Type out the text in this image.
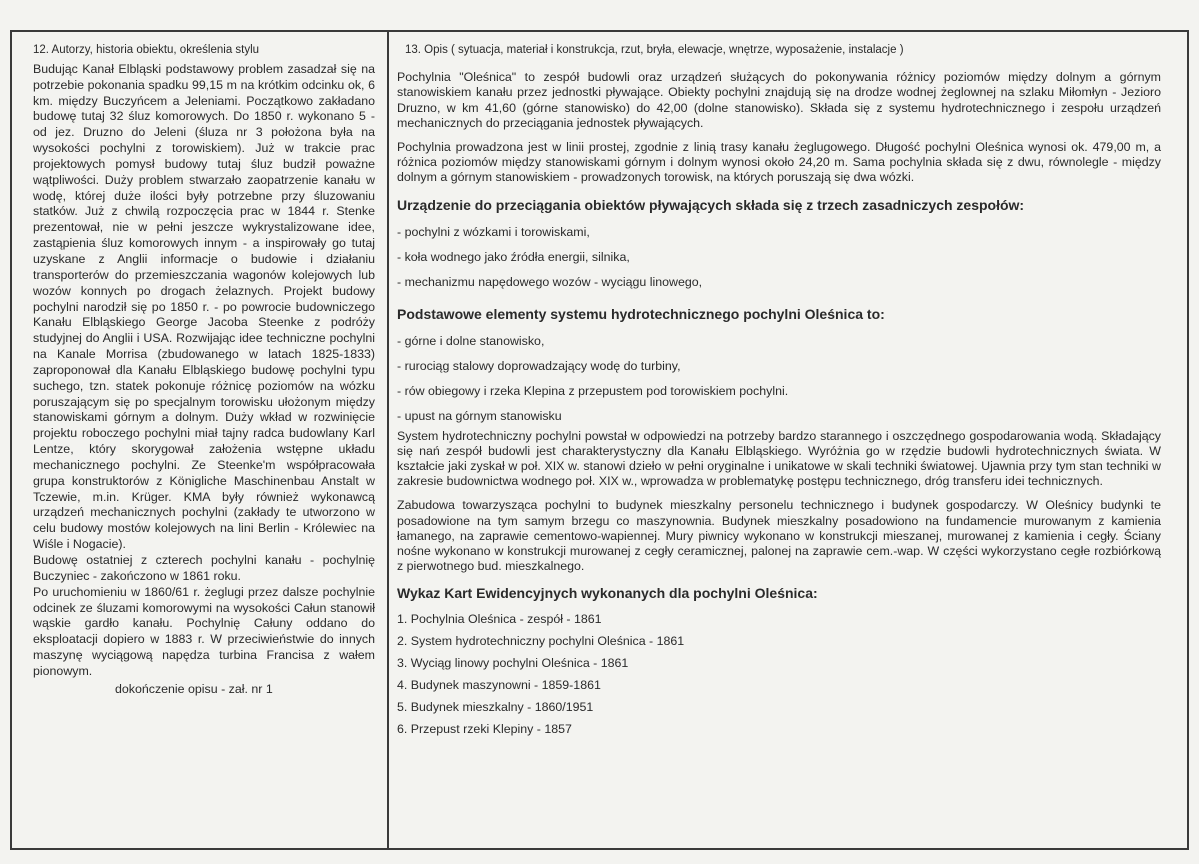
12. Autorzy, historia obiektu, określenia stylu

Budując Kanał Elbląski podstawowy problem zasadzał się na potrzebie pokonania spadku 99,15 m na krótkim odcinku ok, 6 km. między Buczyńcem a Jeleniami. Początkowo zakładano budowę tutaj 32 śluz komorowych. Do 1850 r. wykonano 5 - od jez. Druzno do Jeleni (śluza nr 3 położona była na wysokości pochylni z torowiskiem). Już w trakcie prac projektowych pomysł budowy tutaj śluz budził poważne wątpliwości. Duży problem stwarzało zaopatrzenie kanału w wodę, której duże ilości były potrzebne przy śluzowaniu statków. Już z chwilą rozpoczęcia prac w 1844 r. Stenke prezentował, nie w pełni jeszcze wykrystalizowane idee, zastąpienia śluz komorowych innym - a inspirowały go tutaj uzyskane z Anglii informacje o budowie i działaniu transporterów do przemieszczania wagonów kolejowych lub wozów konnych po drogach żelaznych. Projekt budowy pochylni narodził się po 1850 r. - po powrocie budowniczego Kanału Elbląskiego George Jacoba Steenke z podróży studyjnej do Anglii i USA. Rozwijając idee techniczne pochylni na Kanale Morrisa (zbudowanego w latach 1825-1833) zaproponował dla Kanału Elbląskiego budowę pochylni typu suchego, tzn. statek pokonuje różnicę poziomów na wózku poruszającym się po specjalnym torowisku ułożonym między stanowiskami górnym a dolnym. Duży wkład w rozwinięcie projektu roboczego pochylni miał tajny radca budowlany Karl Lentze, który skorygował założenia wstępne układu mechanicznego pochylni. Ze Steenke'm współpracowała grupa konstruktorów z Königliche Maschinenbau Anstalt w Tczewie, m.in. Krüger. KMA były również wykonawcą urządzeń mechanicznych pochylni (zakłady te utworzono w celu budowy mostów kolejowych na lini Berlin - Królewiec na Wiśle i Nogacie).

Budowę ostatniej z czterech pochylni kanału - pochylnię Buczyniec - zakończono w 1861 roku.

Po uruchomieniu w 1860/61 r. żeglugi przez dalsze pochylnie odcinek ze śluzami komorowymi na wysokości Całun stanowił wąskie gardło kanału. Pochylnię Całuny oddano do eksploatacji dopiero w 1883 r. W przeciwieństwie do innych maszynę wyciągową napędza turbina Francisa z wałem pionowym.

dokończenie opisu - zał. nr 1

13. Opis ( sytuacja, materiał i konstrukcja, rzut, bryła, elewacje, wnętrze, wyposażenie, instalacje )

Pochylnia "Oleśnica" to zespół budowli oraz urządzeń służących do pokonywania różnicy poziomów między dolnym a górnym stanowiskiem kanału przez jednostki pływające. Obiekty pochylni znajdują się na drodze wodnej żeglownej na szlaku Miłomłyn - Jezioro Druzno, w km 41,60 (górne stanowisko) do 42,00 (dolne stanowisko). Składa się z systemu hydrotechnicznego i zespołu urządzeń mechanicznych do przeciągania jednostek pływających.

Pochylnia prowadzona jest w linii prostej, zgodnie z linią trasy kanału żeglugowego. Długość pochylni Oleśnica wynosi ok. 479,00 m, a różnica poziomów między stanowiskami górnym i dolnym wynosi około 24,20 m. Sama pochylnia składa się z dwu, równolegle - między dolnym a górnym stanowiskiem - prowadzonych torowisk, na których poruszają się dwa wózki.

Urządzenie do przeciągania obiektów pływających składa się z trzech zasadniczych zespołów:
- pochylni z wózkami i torowiskami,
- koła wodnego jako źródła energii, silnika,
- mechanizmu napędowego wozów - wyciągu linowego,
Podstawowe elementy systemu hydrotechnicznego pochylni Oleśnica to:
- górne i dolne stanowisko,
- rurociąg stalowy doprowadzający wodę do turbiny,
- rów obiegowy i rzeka Klepina z przepustem pod torowiskiem pochylni.
- upust na górnym stanowisku

System hydrotechniczny pochylni powstał w odpowiedzi na potrzeby bardzo starannego i oszczędnego gospodarowania wodą. Składający się nań zespół budowli jest charakterystyczny dla Kanału Elbląskiego. Wyróżnia go w rzędzie budowli hydrotechnicznych świata. W kształcie jaki zyskał w poł. XIX w. stanowi dzieło w pełni oryginalne i unikatowe w skali techniki światowej. Ujawnia przy tym stan techniki w zakresie budownictwa wodnego poł. XIX w., wprowadza w problematykę postępu technicznego, dróg transferu idei technicznych.

Zabudowa towarzysząca pochylni to budynek mieszkalny personelu technicznego i budynek gospodarczy. W Oleśnicy budynki te posadowione na tym samym brzegu co maszynownia. Budynek mieszkalny posadowiono na fundamencie murowanym z kamienia łamanego, na zaprawie cementowo-wapiennej. Mury piwnicy wykonano w konstrukcji mieszanej, murowanej z kamienia i cegły. Ściany nośne wykonano w konstrukcji murowanej z cegły ceramicznej, palonej na zaprawie cem.-wap. W części wykorzystano cegłe rozbiórkową z pierwotnego bud. mieszkalnego.

Wykaz Kart Ewidencyjnych wykonanych dla pochylni Oleśnica:
1. Pochylnia Oleśnica - zespół - 1861
2. System hydrotechniczny pochylni Oleśnica - 1861
3. Wyciąg linowy pochylni Oleśnica - 1861
4. Budynek maszynowni - 1859-1861
5. Budynek mieszkalny - 1860/1951
6. Przepust rzeki Klepiny - 1857
